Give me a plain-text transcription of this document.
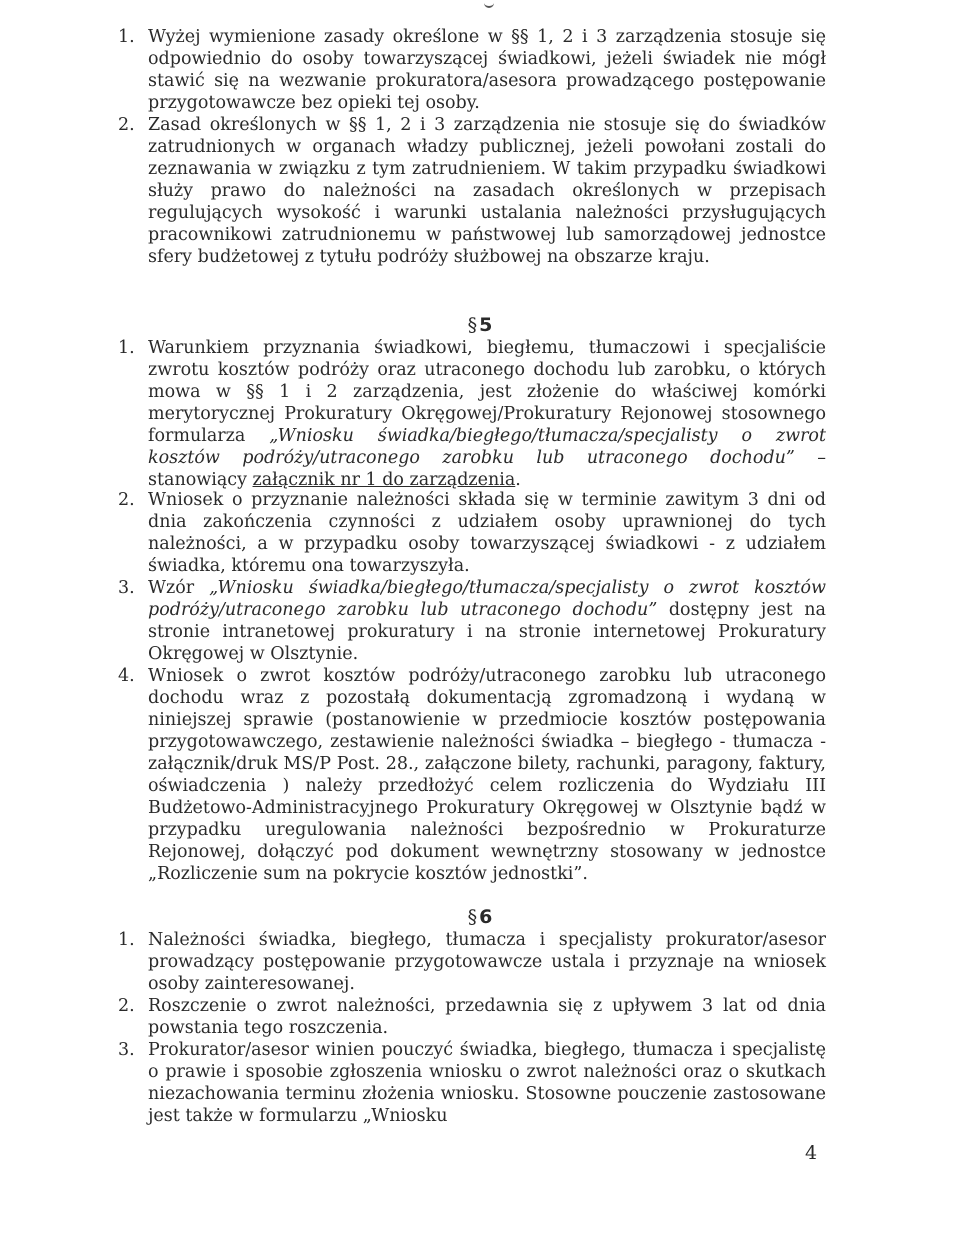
1. Wyżej wymienione zasady określone w §§ 1, 2 i 3 zarządzenia stosuje się odpowiednio do osoby towarzyszącej świadkowi, jeżeli świadek nie mógł stawić się na wezwanie prokuratora/asesora prowadzącego postępowanie przygotowawcze bez opieki tej osoby.
2. Zasad określonych w §§ 1, 2 i 3 zarządzenia nie stosuje się do świadków zatrudnionych w organach władzy publicznej, jeżeli powołani zostali do zeznawania w związku z tym zatrudnieniem. W takim przypadku świadkowi służy prawo do należności na zasadach określonych w przepisach regulujących wysokość i warunki ustalania należności przysługujących pracownikowi zatrudnionemu w państwowej lub samorządowej jednostce sfery budżetowej z tytułu podróży służbowej na obszarze kraju.
§ 5
1. Warunkiem przyznania świadkowi, biegłemu, tłumaczowi i specjaliście zwrotu kosztów podróży oraz utraconego dochodu lub zarobku, o których mowa w §§ 1 i 2 zarządzenia, jest złożenie do właściwej komórki merytorycznej Prokuratury Okręgowej/Prokuratury Rejonowej stosownego formularza „Wniosku świadka/biegłego/tłumacza/specjalisty o zwrot kosztów podróży/utraconego zarobku lub utraconego dochodu” – stanowiący załącznik nr 1 do zarządzenia.
2. Wniosek o przyznanie należności składa się w terminie zawitym 3 dni od dnia zakończenia czynności z udziałem osoby uprawnionej do tych należności, a w przypadku osoby towarzyszącej świadkowi - z udziałem świadka, któremu ona towarzyszyła.
3. Wzór „Wniosku świadka/biegłego/tłumacza/specjalisty o zwrot kosztów podróży/utraconego zarobku lub utraconego dochodu” dostępny jest na stronie intranetowej prokuratury i na stronie internetowej Prokuratury Okręgowej w Olsztynie.
4. Wniosek o zwrot kosztów podróży/utraconego zarobku lub utraconego dochodu wraz z pozostałą dokumentacją zgromadzoną i wydaną w niniejszej sprawie (postanowienie w przedmiocie kosztów postępowania przygotowawczego, zestawienie należności świadka – biegłego - tłumacza - załącznik/druk MS/P Post. 28., załączone bilety, rachunki, paragony, faktury, oświadczenia ) należy przedłożyć celem rozliczenia do Wydziału III Budżetowo-Administracyjnego Prokuratury Okręgowej w Olsztynie bądź w przypadku uregulowania należności bezpośrednio w Prokuraturze Rejonowej, dołączyć pod dokument wewnętrzny stosowany w jednostce „Rozliczenie sum na pokrycie kosztów jednostki”.
§ 6
1. Należności świadka, biegłego, tłumacza i specjalisty prokurator/asesor prowadzący postępowanie przygotowawcze ustala i przyznaje na wniosek osoby zainteresowanej.
2. Roszczenie o zwrot należności, przedawnia się z upływem 3 lat od dnia powstania tego roszczenia.
3. Prokurator/asesor winien pouczyć świadka, biegłego, tłumacza i specjalistę o prawie i sposobie zgłoszenia wniosku o zwrot należności oraz o skutkach niezachowania terminu złożenia wniosku. Stosowne pouczenie zastosowane jest także w formularzu „Wniosku
4
